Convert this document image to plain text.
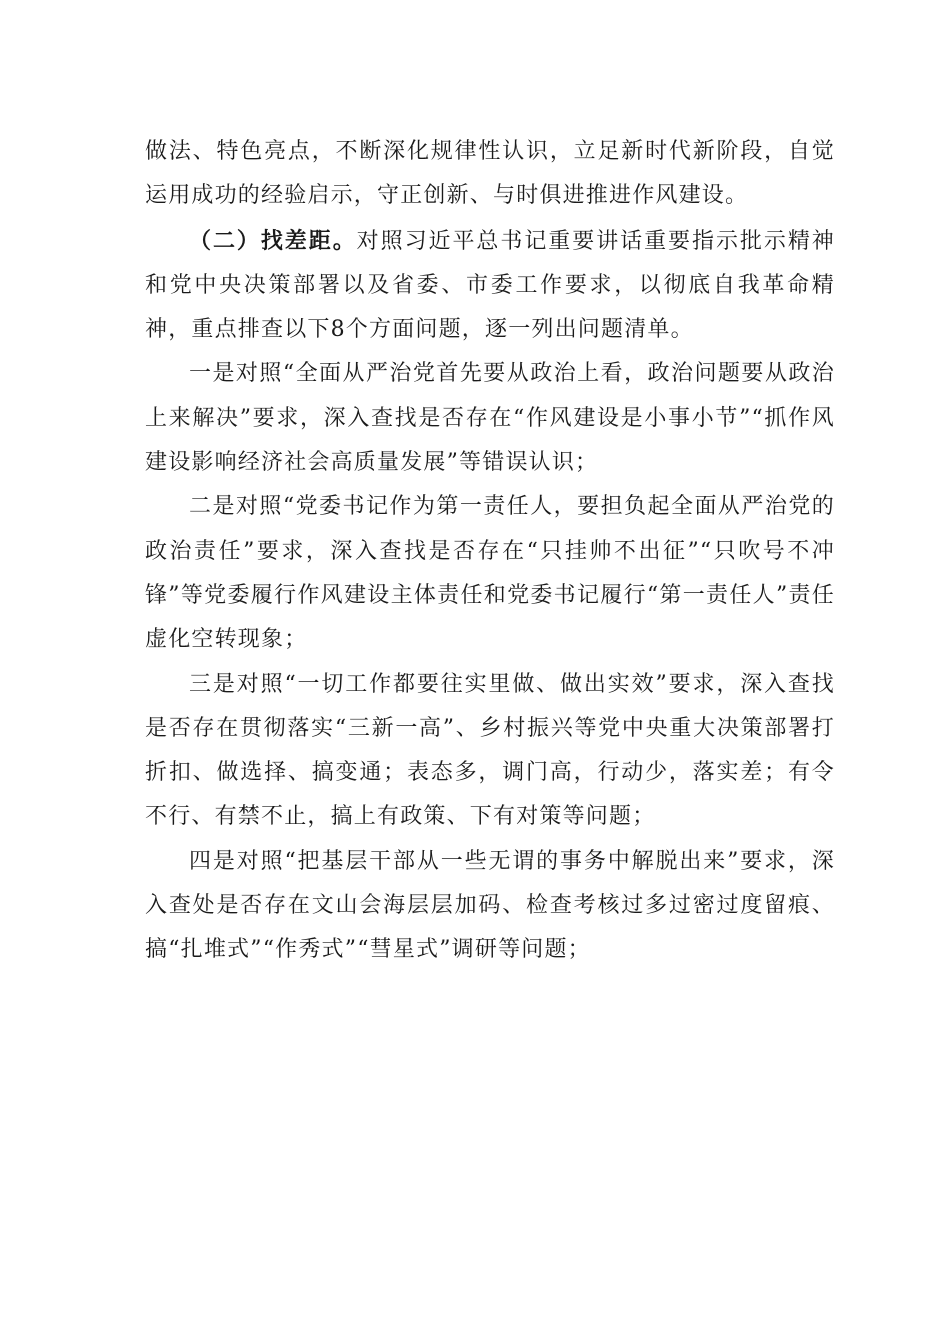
做法、特色亮点，不断深化规律性认识，立足新时代新阶段，自觉运用成功的经验启示，守正创新、与时俱进推进作风建设。

（二）找差距。对照习近平总书记重要讲话重要指示批示精神和党中央决策部署以及省委、市委工作要求，以彻底自我革命精神，重点排查以下8个方面问题，逐一列出问题清单。

一是对照“全面从严治党首先要从政治上看，政治问题要从政治上来解决”要求，深入查找是否存在“作风建设是小事小节”“抓作风建设影响经济社会高质量发展”等错误认识；

二是对照“党委书记作为第一责任人，要担负起全面从严治党的政治责任”要求，深入查找是否存在“只挂帅不出征”“只吹号不冲锋”等党委履行作风建设主体责任和党委书记履行“第一责任人”责任虚化空转现象；

三是对照“一切工作都要往实里做、做出实效”要求，深入查找是否存在贯彻落实“三新一高”、乡村振兴等党中央重大决策部署打折扣、做选择、搞变通；表态多，调门高，行动少，落实差；有令不行、有禁不止，搞上有政策、下有对策等问题；

四是对照“把基层干部从一些无谓的事务中解脱出来”要求，深入查处是否存在文山会海层层加码、检查考核过多过密过度留痕、搞“扎堆式”“作秀式”“彗星式”调研等问题；
